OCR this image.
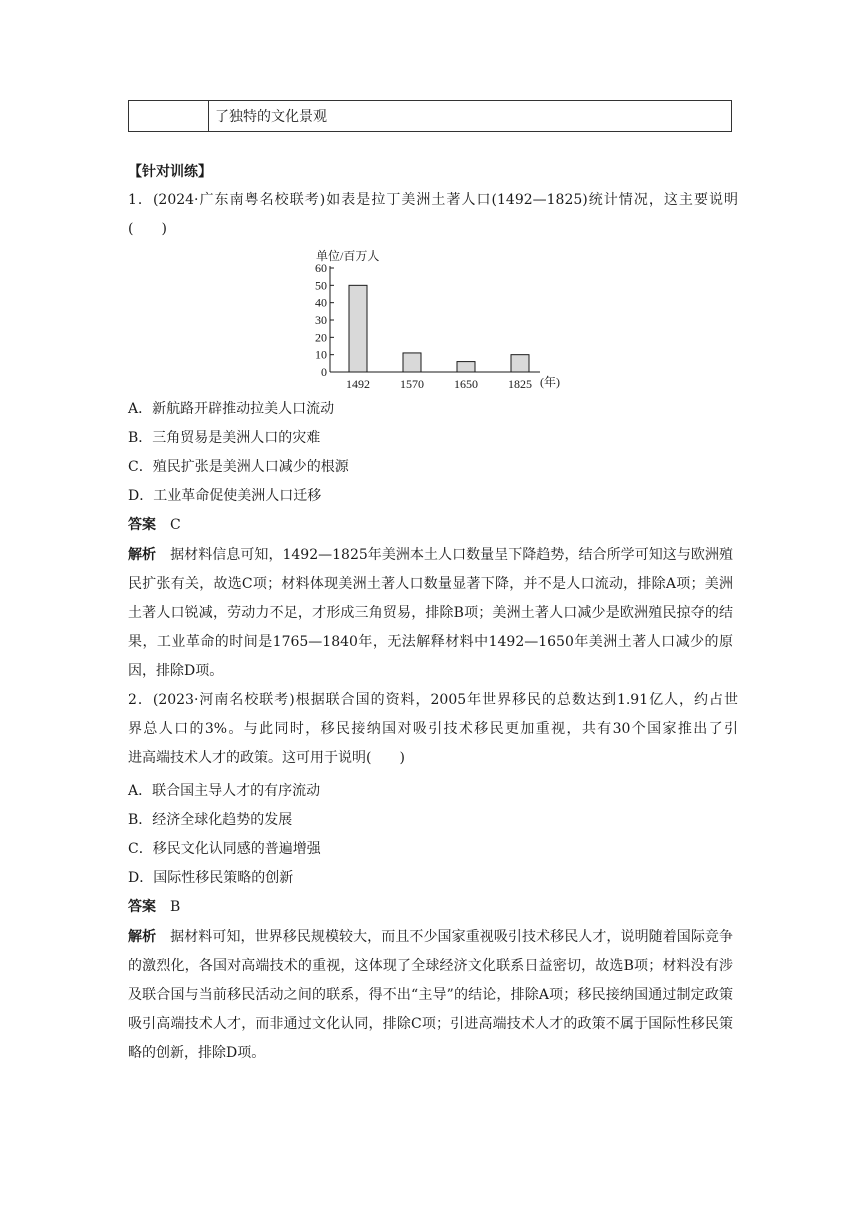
了独特的文化景观
【针对训练】
1．(2024·广东南粤名校联考)如表是拉丁美洲土著人口(1492—1825)统计情况，这主要说明
(　　)
单位/百万人
0
10
20
30
40
50
60
1492	1570	1650	1825 (年)
A．新航路开辟推动拉美人口流动
B．三角贸易是美洲人口的灾难
C．殖民扩张是美洲人口减少的根源
D．工业革命促使美洲人口迁移
答案 C
解析 据材料信息可知，1492—1825年美洲本土人口数量呈下降趋势，结合所学可知这与欧洲殖民扩张有关，故选C项；材料体现美洲土著人口数量显著下降，并不是人口流动，排除A项；美洲土著人口锐减，劳动力不足，才形成三角贸易，排除B项；美洲土著人口减少是欧洲殖民掠夺的结果，工业革命的时间是1765—1840年，无法解释材料中1492—1650年美洲土著人口减少的原因，排除D项。
2．(2023·河南名校联考)根据联合国的资料，2005年世界移民的总数达到1.91亿人，约占世
界总人口的3%。与此同时，移民接纳国对吸引技术移民更加重视，共有30个国家推出了引
进高端技术人才的政策。这可用于说明(　　)
A．联合国主导人才的有序流动
B．经济全球化趋势的发展
C．移民文化认同感的普遍增强
D．国际性移民策略的创新
答案 B
解析 据材料可知，世界移民规模较大，而且不少国家重视吸引技术移民人才，说明随着国际竞争的激烈化，各国对高端技术的重视，这体现了全球经济文化联系日益密切，故选B项；材料没有涉及联合国与当前移民活动之间的联系，得不出“主导”的结论，排除A项；移民接纳国通过制定政策吸引高端技术人才，而非通过文化认同，排除C项；引进高端技术人才的政策不属于国际性移民策略的创新，排除D项。
